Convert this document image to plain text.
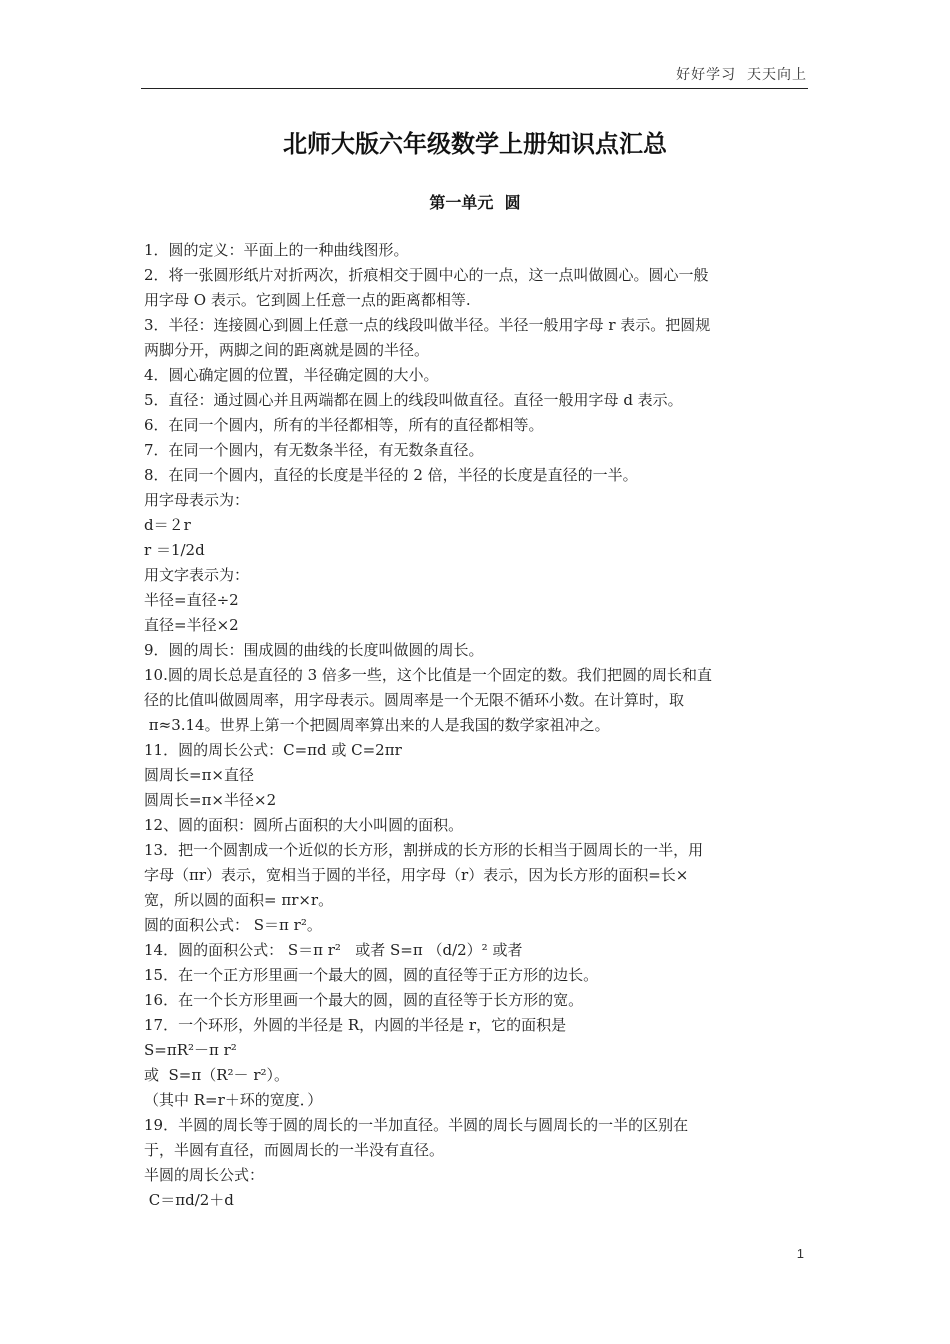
好好学习  天天向上
北师大版六年级数学上册知识点汇总
第一单元  圆
1．圆的定义：平面上的一种曲线图形。
2．将一张圆形纸片对折两次，折痕相交于圆中心的一点，这一点叫做圆心。圆心一般
用字母 O 表示。它到圆上任意一点的距离都相等.
3．半径：连接圆心到圆上任意一点的线段叫做半径。半径一般用字母 r 表示。把圆规
两脚分开，两脚之间的距离就是圆的半径。
4．圆心确定圆的位置，半径确定圆的大小。
5．直径：通过圆心并且两端都在圆上的线段叫做直径。直径一般用字母 d 表示。
6．在同一个圆内，所有的半径都相等，所有的直径都相等。
7．在同一个圆内，有无数条半径，有无数条直径。
8．在同一个圆内，直径的长度是半径的 2 倍，半径的长度是直径的一半。
用字母表示为：
d＝２r
r ＝1/2d
用文字表示为：
半径=直径÷2
直径=半径×2
9．圆的周长：围成圆的曲线的长度叫做圆的周长。
10.圆的周长总是直径的 3 倍多一些，这个比值是一个固定的数。我们把圆的周长和直
径的比值叫做圆周率，用字母表示。圆周率是一个无限不循环小数。在计算时，取
π≈3.14。世界上第一个把圆周率算出来的人是我国的数学家祖冲之。
11．圆的周长公式：C=πd 或 C=2πr
圆周长=π×直径
圆周长=π×半径×2
12、圆的面积：圆所占面积的大小叫圆的面积。
13．把一个圆割成一个近似的长方形，割拼成的长方形的长相当于圆周长的一半，用
字母（πr）表示，宽相当于圆的半径，用字母（r）表示，因为长方形的面积=长×
宽，所以圆的面积= πr×r。
圆的面积公式： S＝π r²。
14．圆的面积公式： S＝π r²   或者 S=π （d/2）² 或者
15．在一个正方形里画一个最大的圆，圆的直径等于正方形的边长。
16．在一个长方形里画一个最大的圆，圆的直径等于长方形的宽。
17．一个环形，外圆的半径是 R，内圆的半径是 r，它的面积是
S=πR²－π r²
或  S=π（R²－ r²）。
（其中 R=r＋环的宽度．）
19．半圆的周长等于圆的周长的一半加直径。半圆的周长与圆周长的一半的区别在
于，半圆有直径，而圆周长的一半没有直径。
半圆的周长公式：
C＝πd/2＋d
1
